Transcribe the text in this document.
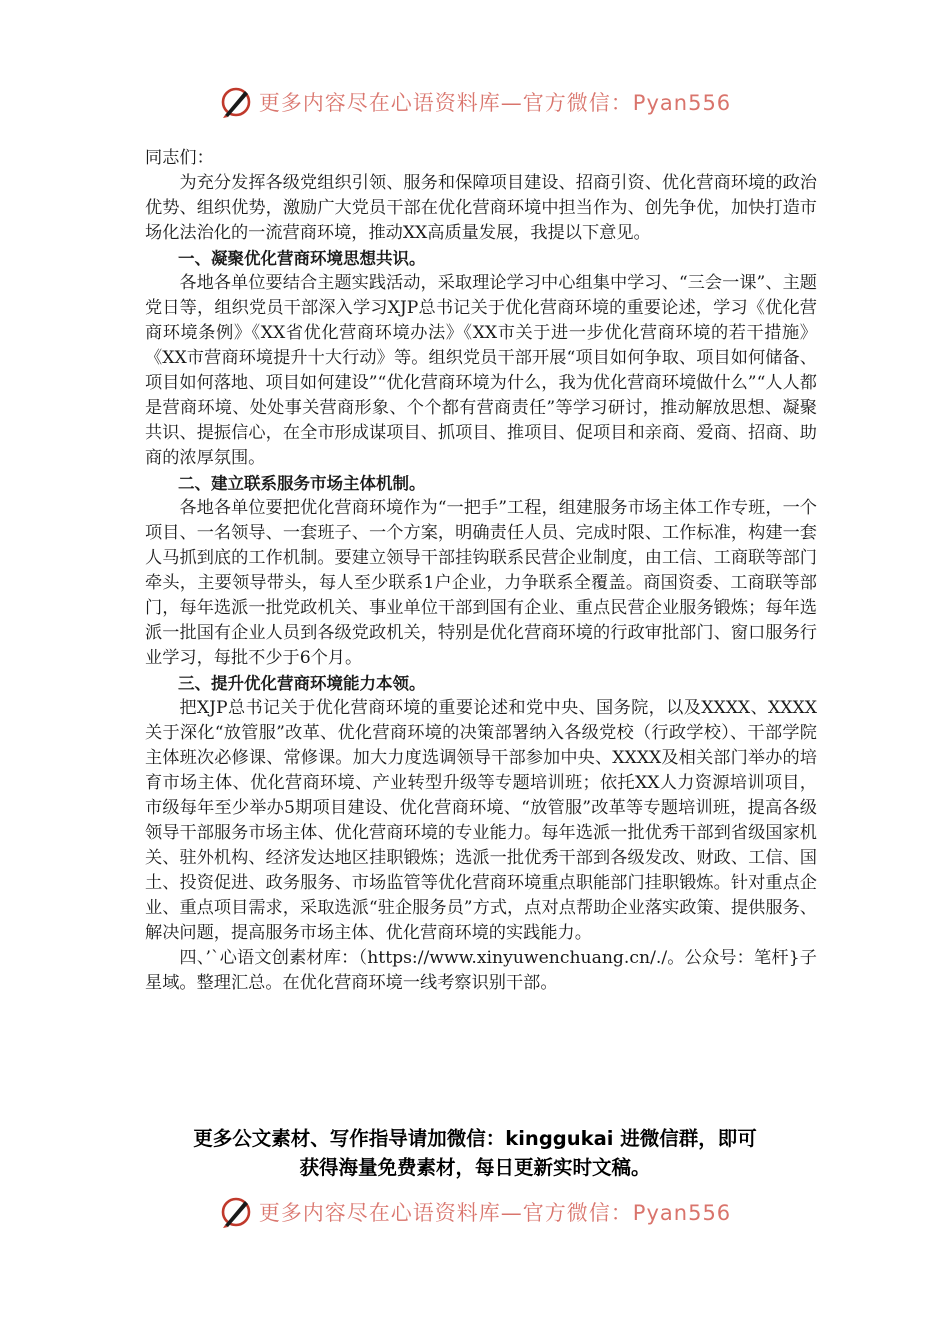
更多内容尽在心语资料库—官方微信：Pyan556

同志们：

为充分发挥各级党组织引领、服务和保障项目建设、招商引资、优化营商环境的政治优势、组织优势，激励广大党员干部在优化营商环境中担当作为、创先争优，加快打造市场化法治化的一流营商环境，推动XX高质量发展，我提以下意见。

一、凝聚优化营商环境思想共识。

各地各单位要结合主题实践活动，采取理论学习中心组集中学习、“三会一课”、主题党日等，组织党员干部深入学习XJP总书记关于优化营商环境的重要论述，学习《优化营商环境条例》《XX省优化营商环境办法》《XX市关于进一步优化营商环境的若干措施》《XX市营商环境提升十大行动》等。组织党员干部开展“项目如何争取、项目如何储备、项目如何落地、项目如何建设”“优化营商环境为什么，我为优化营商环境做什么”“人人都是营商环境、处处事关营商形象、个个都有营商责任”等学习研讨，推动解放思想、凝聚共识、提振信心，在全市形成谋项目、抓项目、推项目、促项目和亲商、爱商、招商、助商的浓厚氛围。

二、建立联系服务市场主体机制。

各地各单位要把优化营商环境作为“一把手”工程，组建服务市场主体工作专班，一个项目、一名领导、一套班子、一个方案，明确责任人员、完成时限、工作标准，构建一套人马抓到底的工作机制。要建立领导干部挂钩联系民营企业制度，由工信、工商联等部门牵头，主要领导带头，每人至少联系1户企业，力争联系全覆盖。商国资委、工商联等部门，每年选派一批党政机关、事业单位干部到国有企业、重点民营企业服务锻炼；每年选派一批国有企业人员到各级党政机关，特别是优化营商环境的行政审批部门、窗口服务行业学习，每批不少于6个月。

三、提升优化营商环境能力本领。

把XJP总书记关于优化营商环境的重要论述和党中央、国务院，以及XXXX、XXXX关于深化“放管服”改革、优化营商环境的决策部署纳入各级党校（行政学校）、干部学院主体班次必修课、常修课。加大力度选调领导干部参加中央、XXXX及相关部门举办的培育市场主体、优化营商环境、产业转型升级等专题培训班；依托XX人力资源培训项目，市级每年至少举办5期项目建设、优化营商环境、“放管服”改革等专题培训班，提高各级领导干部服务市场主体、优化营商环境的专业能力。每年选派一批优秀干部到省级国家机关、驻外机构、经济发达地区挂职锻炼；选派一批优秀干部到各级发改、财政、工信、国土、投资促进、政务服务、市场监管等优化营商环境重点职能部门挂职锻炼。针对重点企业、重点项目需求，采取选派“驻企服务员”方式，点对点帮助企业落实政策、提供服务、解决问题，提高服务市场主体、优化营商环境的实践能力。

四、’`心语文创素材库：（https://www.xinyuwenchuang.cn/./。公众号：笔杆}子星域。整理汇总。在优化营商环境一线考察识别干部。

更多公文素材、写作指导请加微信：kinggukai 进微信群，即可
获得海量免费素材，每日更新实时文稿。
更多内容尽在心语资料库—官方微信：Pyan556
